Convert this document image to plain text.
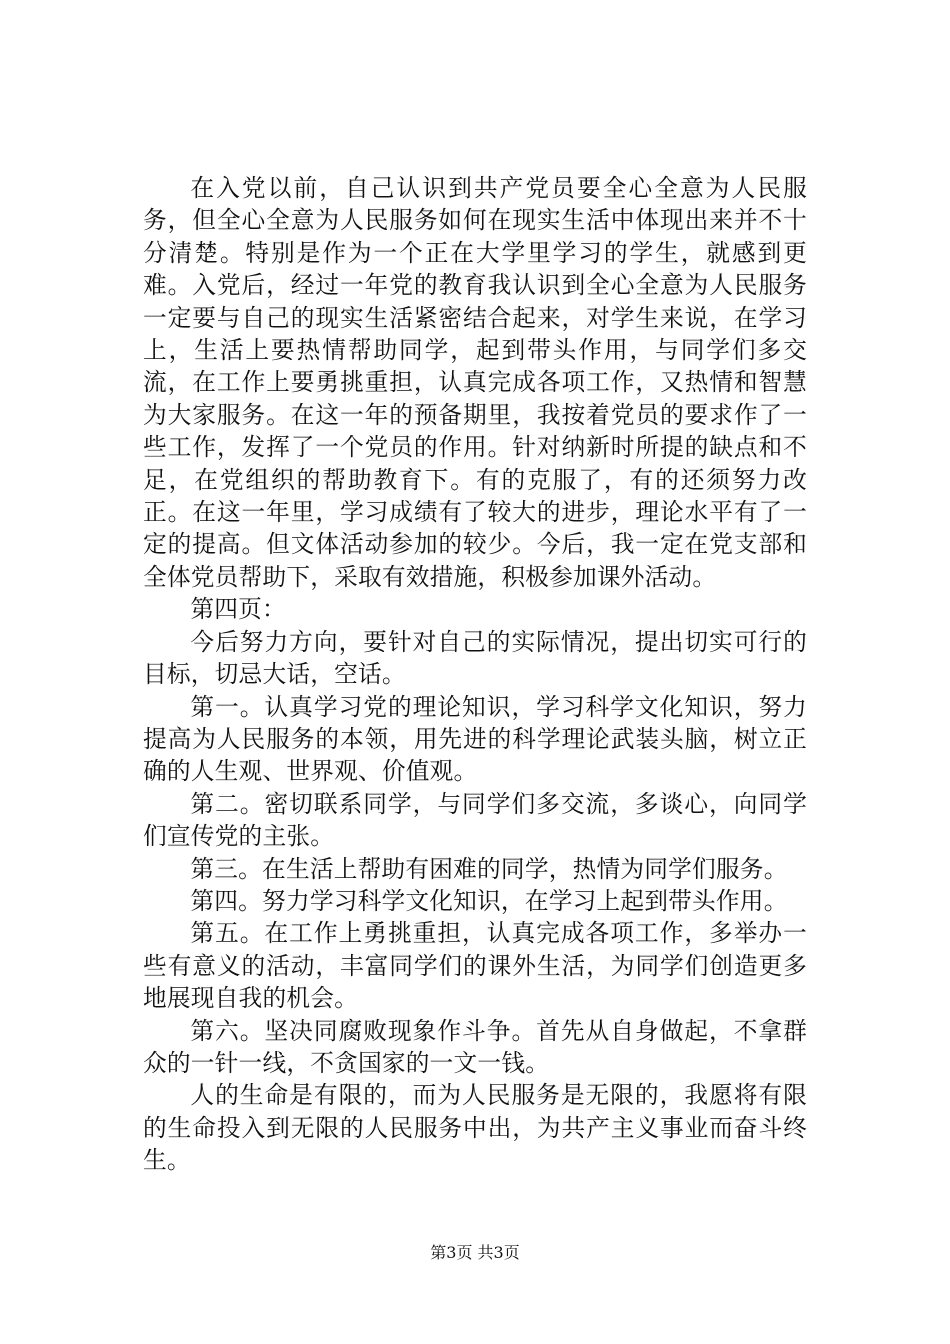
在入党以前，自己认识到共产党员要全心全意为人民服务，但全心全意为人民服务如何在现实生活中体现出来并不十分清楚。特别是作为一个正在大学里学习的学生，就感到更难。入党后，经过一年党的教育我认识到全心全意为人民服务一定要与自己的现实生活紧密结合起来，对学生来说，在学习上，生活上要热情帮助同学，起到带头作用，与同学们多交流，在工作上要勇挑重担，认真完成各项工作，又热情和智慧为大家服务。在这一年的预备期里，我按着党员的要求作了一些工作，发挥了一个党员的作用。针对纳新时所提的缺点和不足，在党组织的帮助教育下。有的克服了，有的还须努力改正。在这一年里，学习成绩有了较大的进步，理论水平有了一定的提高。但文体活动参加的较少。今后，我一定在党支部和全体党员帮助下，采取有效措施，积极参加课外活动。

第四页：

今后努力方向，要针对自己的实际情况，提出切实可行的目标，切忌大话，空话。

第一。认真学习党的理论知识，学习科学文化知识，努力提高为人民服务的本领，用先进的科学理论武装头脑，树立正确的人生观、世界观、价值观。

第二。密切联系同学，与同学们多交流，多谈心，向同学们宣传党的主张。

第三。在生活上帮助有困难的同学，热情为同学们服务。

第四。努力学习科学文化知识，在学习上起到带头作用。

第五。在工作上勇挑重担，认真完成各项工作，多举办一些有意义的活动，丰富同学们的课外生活，为同学们创造更多地展现自我的机会。

第六。坚决同腐败现象作斗争。首先从自身做起，不拿群众的一针一线，不贪国家的一文一钱。

人的生命是有限的，而为人民服务是无限的，我愿将有限的生命投入到无限的人民服务中出，为共产主义事业而奋斗终生。

第3页 共3页
